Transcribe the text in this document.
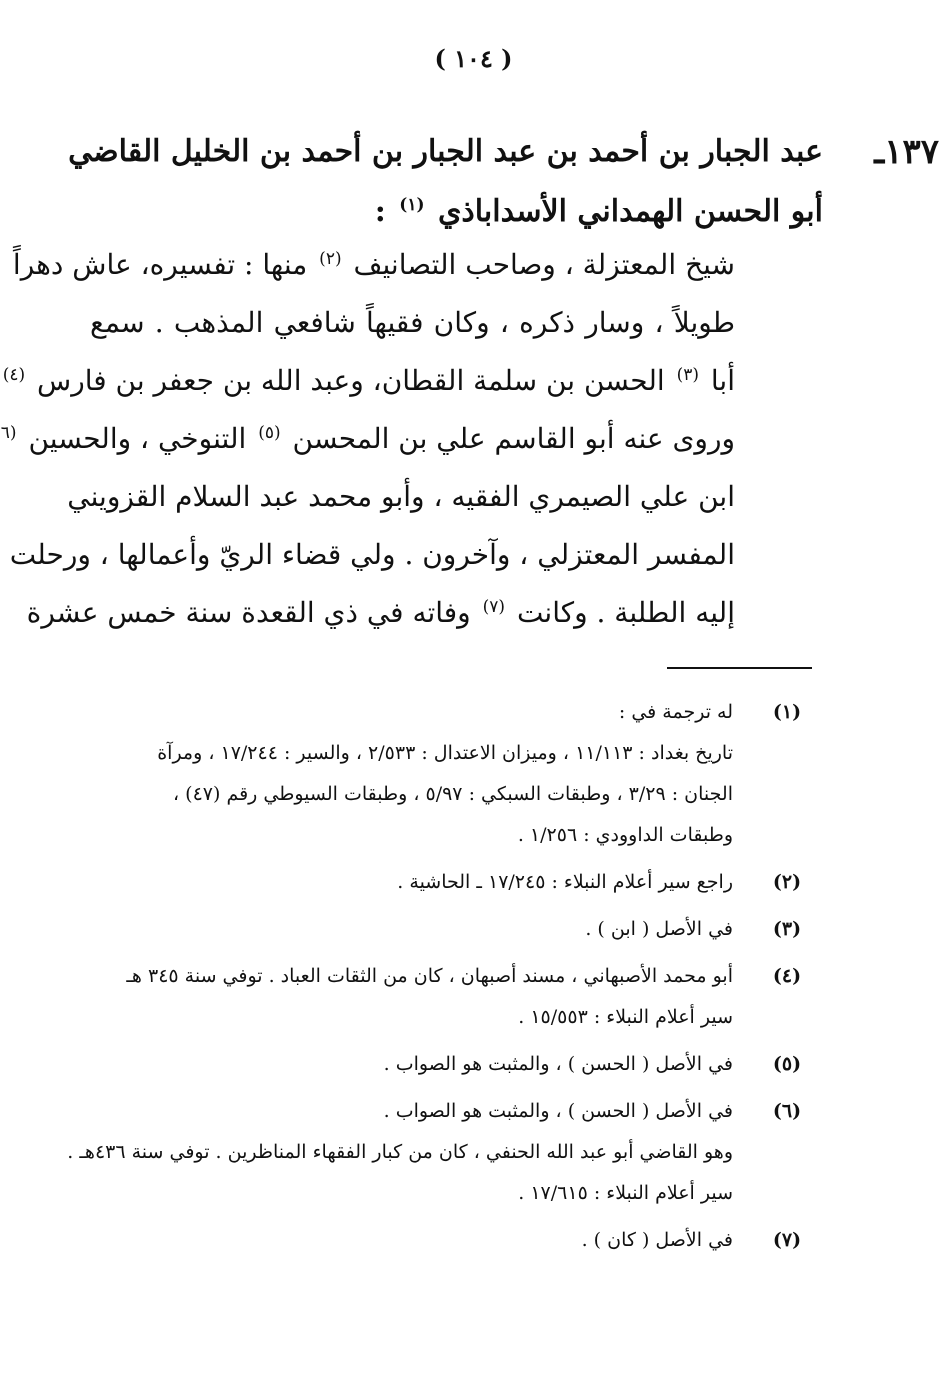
( ١٠٤ )
١٣٧ـ
عبد الجبار بن أحمد بن عبد الجبار بن أحمد بن الخليل القاضي
أبو الحسن الهمداني الأسداباذي $^{(١)}$ :
شيخ المعتزلة ، وصاحب التصانيف $^{(٢)}$ منها : تفسيره، عاش دهراً
طويلاً ، وسار ذكره ، وكان فقيهاً شافعي المذهب . سمع
أبا $^{(٣)}$ الحسن بن سلمة القطان، وعبد الله بن جعفر بن فارس $^{(٤)}$
وروى عنه أبو القاسم علي بن المحسن $^{(٥)}$ التنوخي ، والحسين $^{(٦}$
ابن علي الصيمري الفقيه ، وأبو محمد عبد السلام القزويني
المفسر المعتزلي ، وآخرون . ولي قضاء الريّ وأعمالها ، ورحلت
إليه الطلبة . وكانت $^{(٧)}$ وفاته في ذي القعدة سنة خمس عشرة
(١)
له ترجمة في :
تاريخ بغداد : ١١/١١٣ ، وميزان الاعتدال : ٢/٥٣٣ ، والسير : ١٧/٢٤٤ ، ومرآة
الجنان : ٣/٢٩ ، وطبقات السبكي : ٥/٩٧ ، وطبقات السيوطي رقم (٤٧) ،
وطبقات الداوودي : ١/٢٥٦ .
(٢)
راجع سير أعلام النبلاء : ١٧/٢٤٥ ـ الحاشية .
(٣)
في الأصل ( ابن ) .
(٤)
أبو محمد الأصبهاني ، مسند أصبهان ، كان من الثقات العباد . توفي سنة ٣٤٥ هـ
سير أعلام النبلاء : ١٥/٥٥٣ .
(٥)
في الأصل ( الحسن ) ، والمثبت هو الصواب .
(٦)
في الأصل ( الحسن ) ، والمثبت هو الصواب .
وهو القاضي أبو عبد الله الحنفي ، كان من كبار الفقهاء المناظرين . توفي سنة ٤٣٦هـ .
سير أعلام النبلاء : ١٧/٦١٥ .
(٧)
في الأصل ( كان ) .
